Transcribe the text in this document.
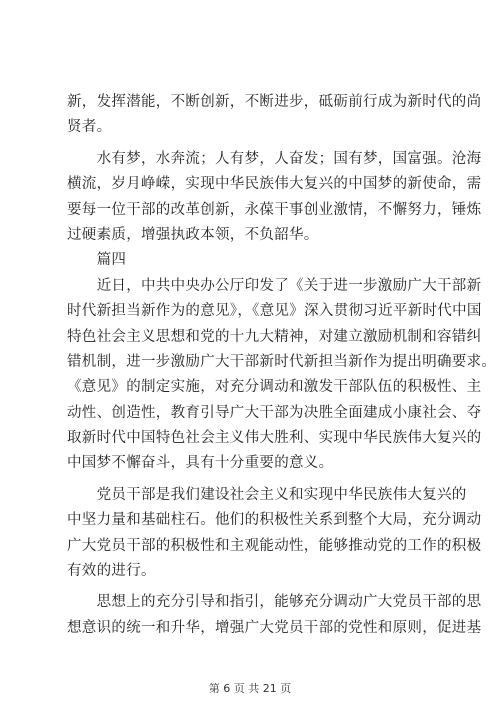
新，发挥潜能，不断创新，不断进步，砥砺前行成为新时代的尚
贤者。
　　水有梦，水奔流；人有梦，人奋发；国有梦，国富强。沧海
横流，岁月峥嵘，实现中华民族伟大复兴的中国梦的新使命，需
要每一位干部的改革创新，永葆干事创业激情，不懈努力，锤炼
过硬素质，增强执政本领，不负韶华。
　　篇四
　　近日，中共中央办公厅印发了《关于进一步激励广大干部新
时代新担当新作为的意见》，《意见》深入贯彻习近平新时代中国
特色社会主义思想和党的十九大精神，对建立激励机制和容错纠
错机制，进一步激励广大干部新时代新担当新作为提出明确要求。
《意见》的制定实施，对充分调动和激发干部队伍的积极性、主
动性、创造性，教育引导广大干部为决胜全面建成小康社会、夺
取新时代中国特色社会主义伟大胜利、实现中华民族伟大复兴的
中国梦不懈奋斗，具有十分重要的意义。
　　党员干部是我们建设社会主义和实现中华民族伟大复兴的
中坚力量和基础柱石。他们的积极性关系到整个大局，充分调动
广大党员干部的积极性和主观能动性，能够推动党的工作的积极
有效的进行。
　　思想上的充分引导和指引，能够充分调动广大党员干部的思
想意识的统一和升华，增强广大党员干部的党性和原则，促进基
第 6 页 共 21 页
